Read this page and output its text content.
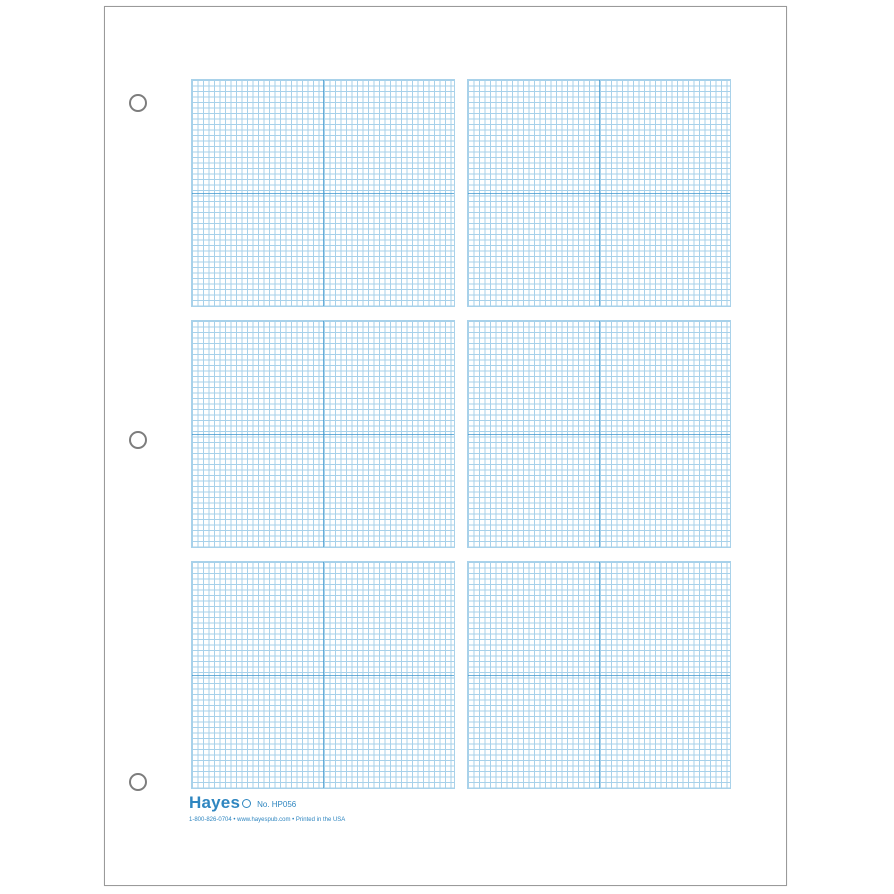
Hayes No. HP056
1-800-826-0704 • www.hayespub.com • Printed in the USA
